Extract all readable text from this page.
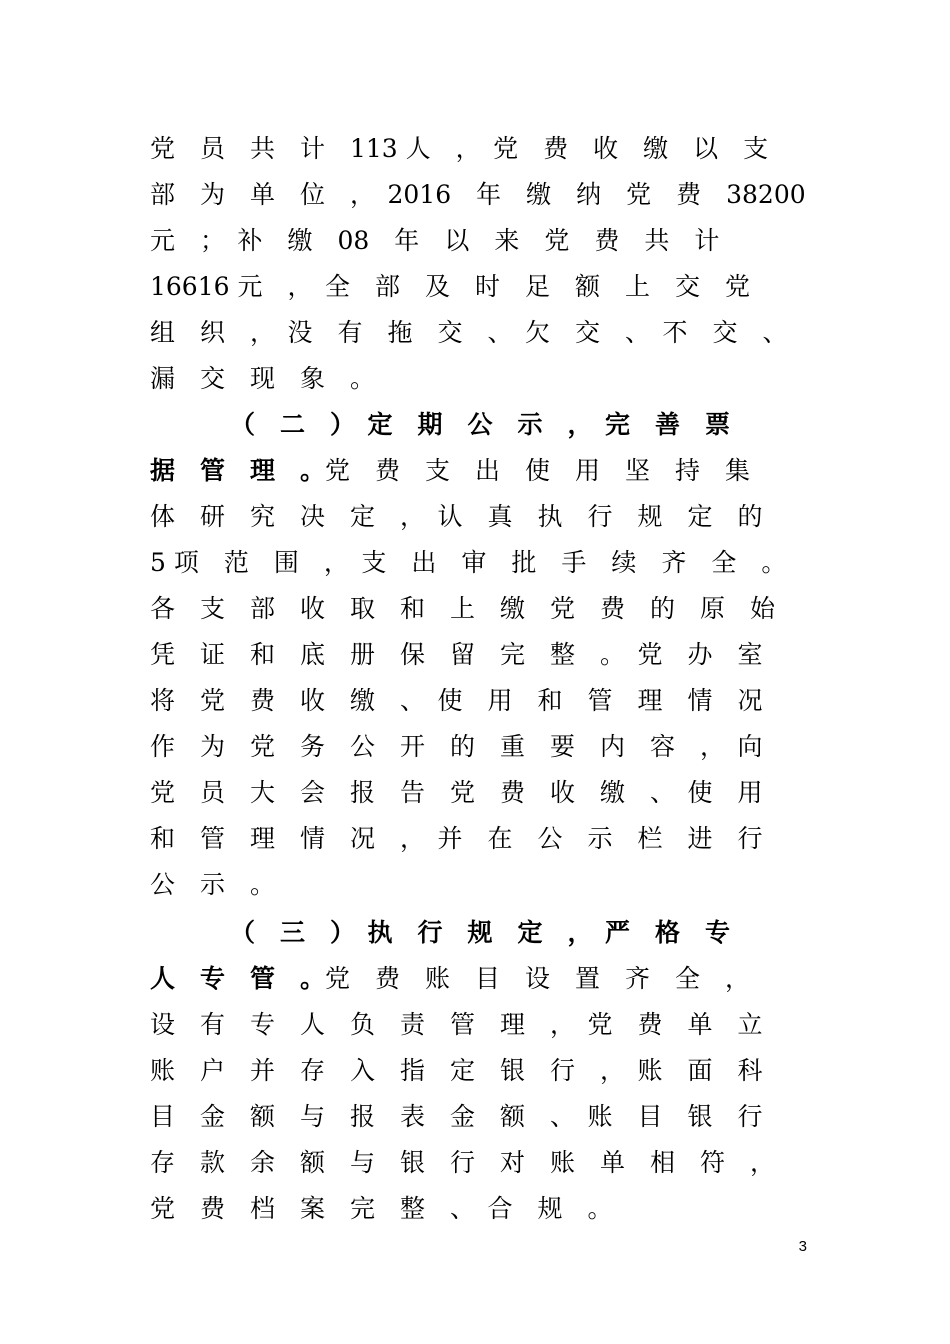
党　员　共　计　113 人　，　党　费　收　缴　以　支
部　为　单　位　，　2016　年　缴　纳　党　费　38200
元　；　补　缴　08　年　以　来　党　费　共　计
16616 元　，　全　部　及　时　足　额　上　交　党
组　织　，　没　有　拖　交　、　欠　交　、　不　交　、
漏　交　现　象　。
（　二　）　定　期　公　示　，　完　善　票
据　管　理　。党　费　支　出　使　用　坚　持　集
体　研　究　决　定　，　认　真　执　行　规　定　的
5 项　范　围　，　支　出　审　批　手　续　齐　全　。
各　支　部　收　取　和　上　缴　党　费　的　原　始
凭　证　和　底　册　保　留　完　整　。　党　办　室
将　党　费　收　缴　、　使　用　和　管　理　情　况
作　为　党　务　公　开　的　重　要　内　容　，　向
党　员　大　会　报　告　党　费　收　缴　、　使　用
和　管　理　情　况　，　并　在　公　示　栏　进　行
公　示　。
（　三　）　执　行　规　定　，　严　格　专
人　专　管　。党　费　账　目　设　置　齐　全　，
设　有　专　人　负　责　管　理　，　党　费　单　立
账　户　并　存　入　指　定　银　行　，　账　面　科
目　金　额　与　报　表　金　额　、　账　目　银　行
存　款　余　额　与　银　行　对　账　单　相　符　，
党　费　档　案　完　整　、　合　规　。
3
